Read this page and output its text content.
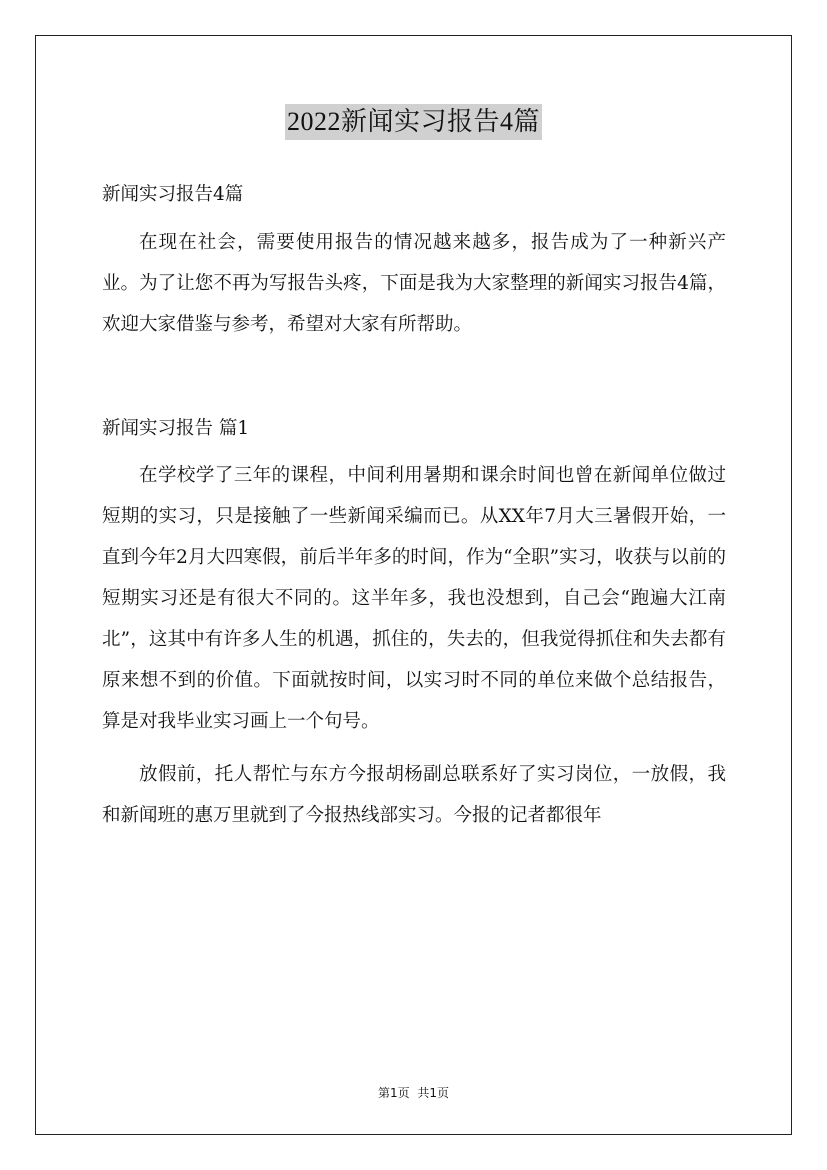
2022新闻实习报告4篇

新闻实习报告4篇

在现在社会，需要使用报告的情况越来越多，报告成为了一种新兴产业。为了让您不再为写报告头疼，下面是我为大家整理的新闻实习报告4篇，欢迎大家借鉴与参考，希望对大家有所帮助。

新闻实习报告 篇1

在学校学了三年的课程，中间利用暑期和课余时间也曾在新闻单位做过短期的实习，只是接触了一些新闻采编而已。从XX年7月大三暑假开始，一直到今年2月大四寒假，前后半年多的时间，作为“全职”实习，收获与以前的短期实习还是有很大不同的。这半年多，我也没想到，自己会“跑遍大江南北”，这其中有许多人生的机遇，抓住的，失去的，但我觉得抓住和失去都有原来想不到的价值。下面就按时间，以实习时不同的单位来做个总结报告，算是对我毕业实习画上一个句号。

放假前，托人帮忙与东方今报胡杨副总联系好了实习岗位，一放假，我和新闻班的惠万里就到了今报热线部实习。今报的记者都很年

第1页 共1页
